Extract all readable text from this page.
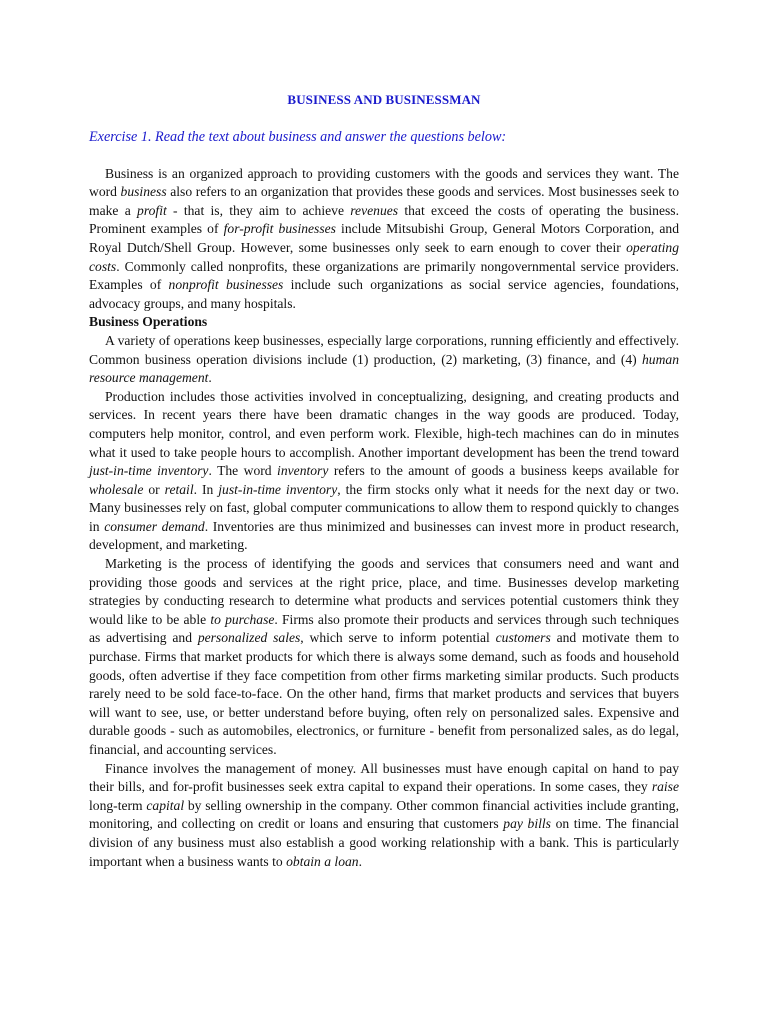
BUSINESS AND BUSINESSMAN
Exercise 1. Read the text about business and answer the questions below:

Business is an organized approach to providing customers with the goods and services they want. The word business also refers to an organization that provides these goods and services. Most businesses seek to make a profit - that is, they aim to achieve revenues that exceed the costs of operating the business. Prominent examples of for-profit businesses include Mitsubishi Group, General Motors Corporation, and Royal Dutch/Shell Group. However, some businesses only seek to earn enough to cover their operating costs. Commonly called nonprofits, these organizations are primarily nongovernmental service providers. Examples of nonprofit businesses include such organizations as social service agencies, foundations, advocacy groups, and many hospitals.

Business Operations

A variety of operations keep businesses, especially large corporations, running efficiently and effectively. Common business operation divisions include (1) production, (2) marketing, (3) finance, and (4) human resource management.

Production includes those activities involved in conceptualizing, designing, and creating products and services. In recent years there have been dramatic changes in the way goods are produced. Today, computers help monitor, control, and even perform work. Flexible, high-tech machines can do in minutes what it used to take people hours to accomplish. Another important development has been the trend toward just-in-time inventory. The word inventory refers to the amount of goods a business keeps available for wholesale or retail. In just-in-time inventory, the firm stocks only what it needs for the next day or two. Many businesses rely on fast, global computer communications to allow them to respond quickly to changes in consumer demand. Inventories are thus minimized and businesses can invest more in product research, development, and marketing.

Marketing is the process of identifying the goods and services that consumers need and want and providing those goods and services at the right price, place, and time. Businesses develop marketing strategies by conducting research to determine what products and services potential customers think they would like to be able to purchase. Firms also promote their products and services through such techniques as advertising and personalized sales, which serve to inform potential customers and motivate them to purchase. Firms that market products for which there is always some demand, such as foods and household goods, often advertise if they face competition from other firms marketing similar products. Such products rarely need to be sold face-to-face. On the other hand, firms that market products and services that buyers will want to see, use, or better understand before buying, often rely on personalized sales. Expensive and durable goods - such as automobiles, electronics, or furniture - benefit from personalized sales, as do legal, financial, and accounting services.

Finance involves the management of money. All businesses must have enough capital on hand to pay their bills, and for-profit businesses seek extra capital to expand their operations. In some cases, they raise long-term capital by selling ownership in the company. Other common financial activities include granting, monitoring, and collecting on credit or loans and ensuring that customers pay bills on time. The financial division of any business must also establish a good working relationship with a bank. This is particularly important when a business wants to obtain a loan.
